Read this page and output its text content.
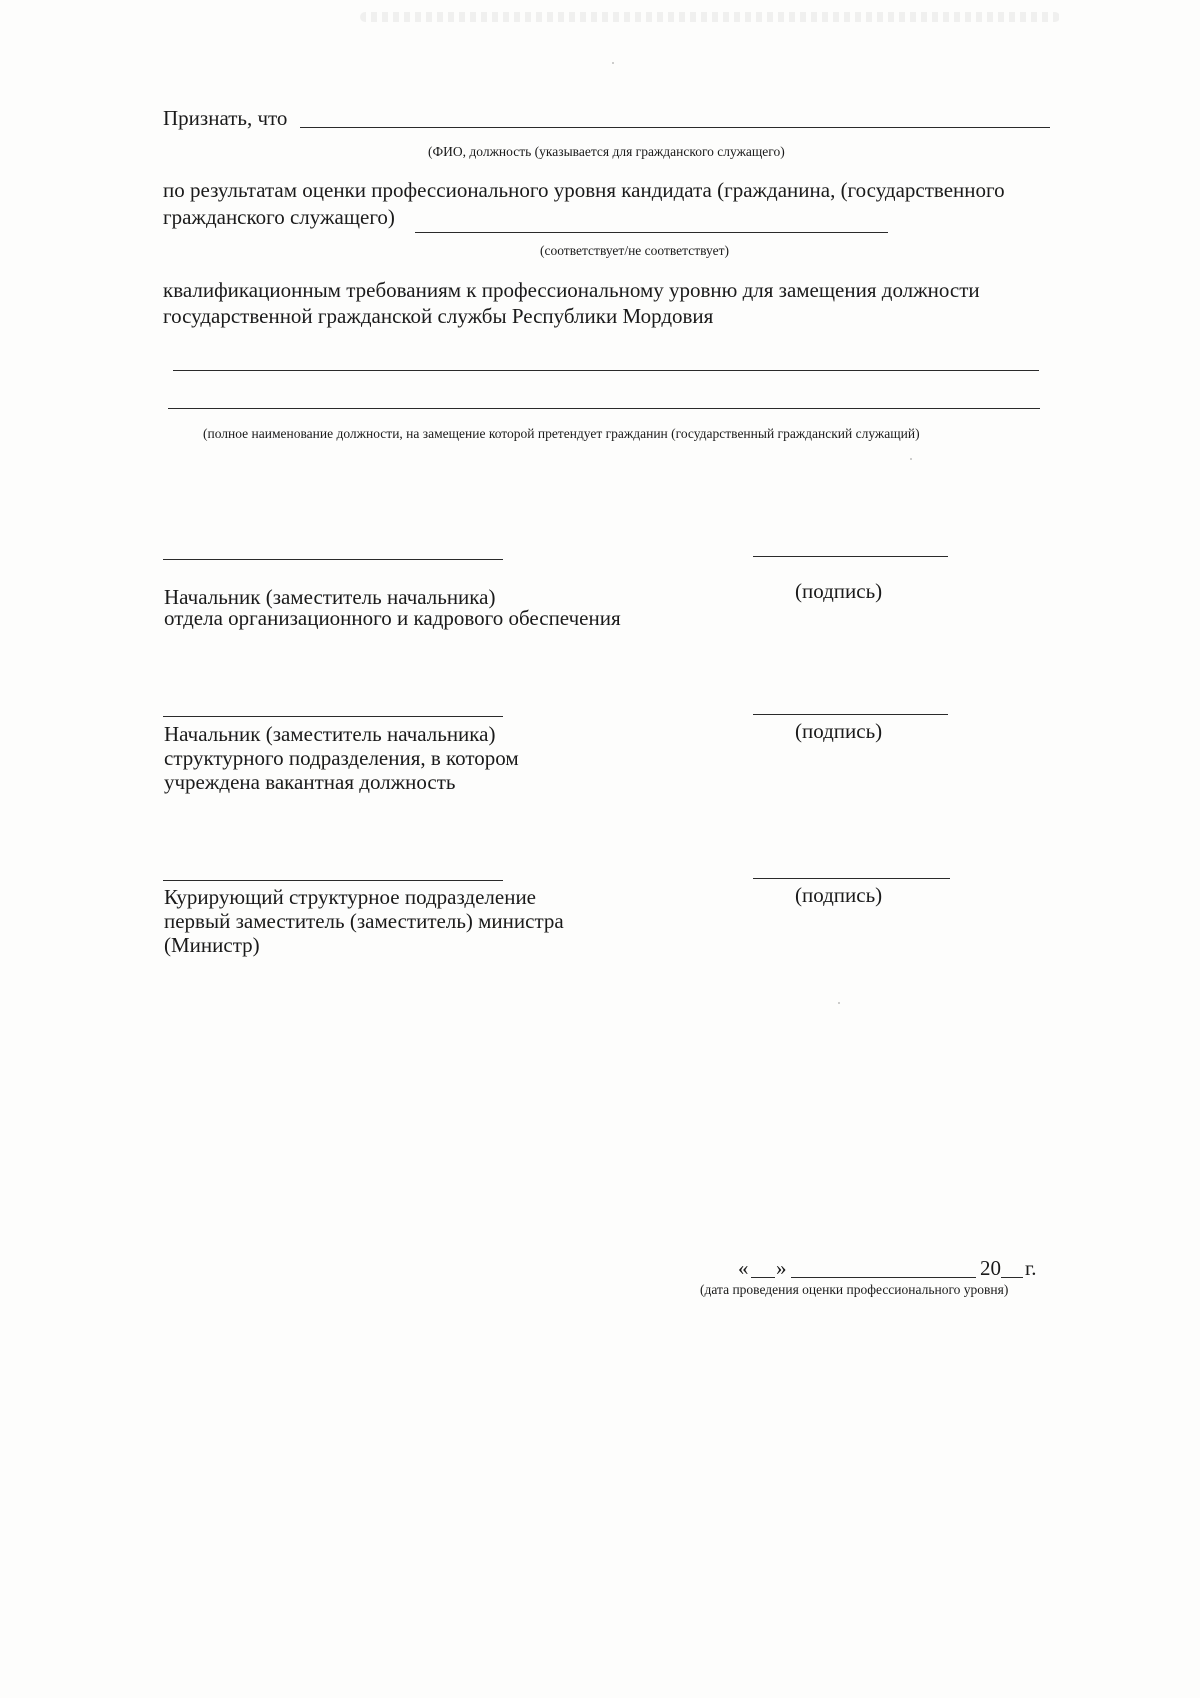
Признать, что
(ФИО, должность (указывается для гражданского служащего)
по результатам оценки профессионального уровня кандидата (гражданина, (государственного
гражданского служащего)
(соответствует/не соответствует)
квалификационным требованиям к профессиональному уровню для замещения должности
государственной гражданской службы Республики Мордовия
(полное наименование должности, на замещение которой претендует гражданин (государственный гражданский служащий)
Начальник (заместитель начальника)
отдела организационного и кадрового обеспечения
(подпись)
Начальник (заместитель начальника)
структурного подразделения, в котором
учреждена вакантная должность
(подпись)
Курирующий структурное подразделение
первый заместитель (заместитель) министра
(Министр)
(подпись)
« »	20 г.
(дата проведения оценки профессионального уровня)
